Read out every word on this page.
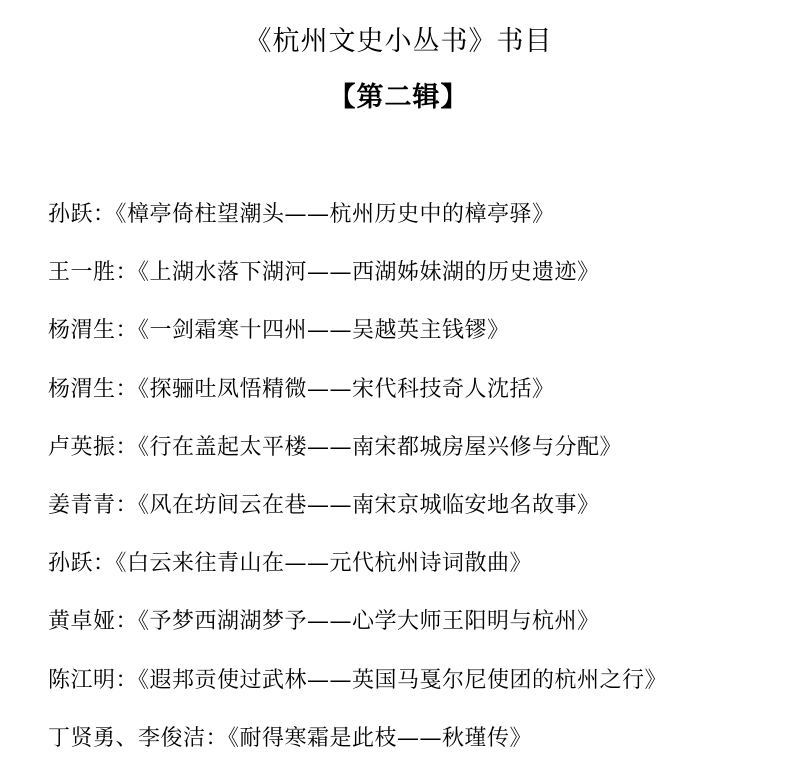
《杭州文史小丛书》书目
【第二辑】
孙跃：《樟亭倚柱望潮头——杭州历史中的樟亭驿》
王一胜：《上湖水落下湖河——西湖姊妹湖的历史遗迹》
杨渭生：《一剑霜寒十四州——吴越英主钱镠》
杨渭生：《探骊吐凤悟精微——宋代科技奇人沈括》
卢英振：《行在盖起太平楼——南宋都城房屋兴修与分配》
姜青青：《风在坊间云在巷——南宋京城临安地名故事》
孙跃：《白云来往青山在——元代杭州诗词散曲》
黄卓娅：《予梦西湖湖梦予——心学大师王阳明与杭州》
陈江明：《遐邦贡使过武林——英国马戛尔尼使团的杭州之行》
丁贤勇、李俊洁：《耐得寒霜是此枝——秋瑾传》
